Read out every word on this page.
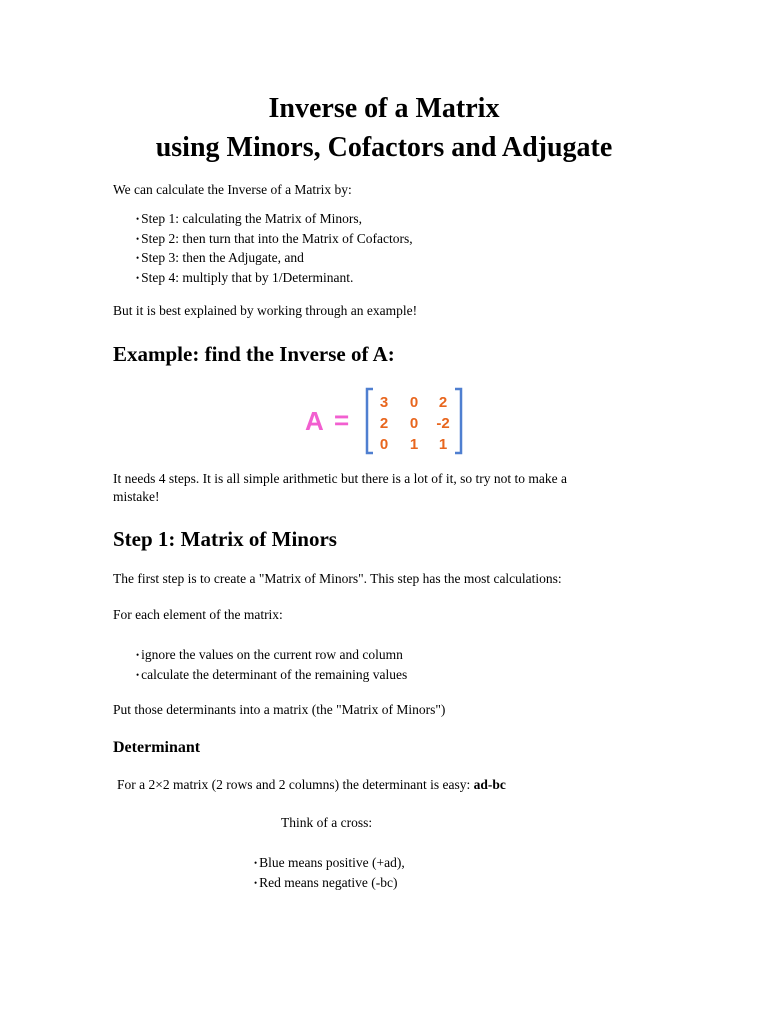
Inverse of a Matrix
using Minors, Cofactors and Adjugate

We can calculate the Inverse of a Matrix by:

• Step 1: calculating the Matrix of Minors,
• Step 2: then turn that into the Matrix of Cofactors,
• Step 3: then the Adjugate, and
• Step 4: multiply that by 1/Determinant.

But it is best explained by working through an example!

Example: find the Inverse of A:
A =
3 0 2
2 0 -2
0 1 1

It needs 4 steps. It is all simple arithmetic but there is a lot of it, so try not to make a

mistake!

Step 1: Matrix of Minors

The first step is to create a "Matrix of Minors". This step has the most calculations:

For each element of the matrix:

• ignore the values on the current row and column
• calculate the determinant of the remaining values

Put those determinants into a matrix (the "Matrix of Minors")

Determinant

For a 2×2 matrix (2 rows and 2 columns) the determinant is easy: ad-bc

Think of a cross:

• Blue means positive (+ad),
• Red means negative (-bc)
